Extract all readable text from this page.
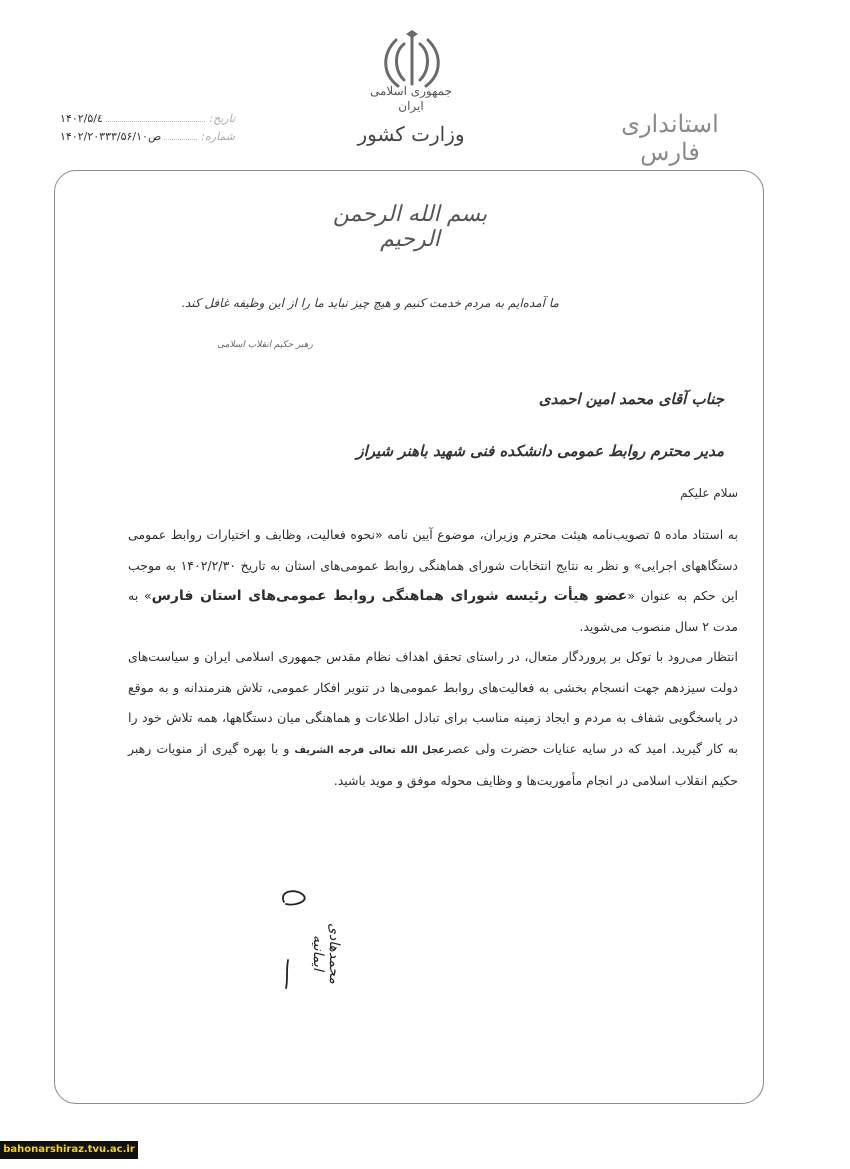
جمهوری اسلامی ایران
وزارت کشور	استانداری فارس
تاریخ:
۱۴۰۲/۵/٤
شماره:
ص۱۴۰۲/۲۰۳۳۳/۵۶/۱۰
بسم الله الرحمن الرحیم
ما آمده‌ایم به مردم خدمت کنیم و هیچ چیز نباید ما را از این وظیفه غافل کند.
رهبر حکیم انقلاب اسلامی
جناب آقای محمد امین احمدی
مدیر محترم روابط عمومی دانشکده فنی شهید باهنر شیراز
سلام علیکم

به استناد ماده ۵ تصویب‌نامه هیئت محترم وزیران، موضوع آیین نامه «نحوه فعالیت، وظایف و اختیارات روابط عمومی دستگاههای اجرایی» و نظر به نتایج انتخابات شورای هماهنگی روابط عمومی‌های استان به تاریخ ۱۴۰۲/۲/۳۰ به موجب این حکم به عنوان «عضو هیأت رئیسه شورای هماهنگی روابط عمومی‌های استان فارس» به مدت ۲ سال منصوب می‌شوید.

انتظار می‌رود با توکل بر پروردگار متعال، در راستای تحقق اهداف نظام مقدس جمهوری اسلامی ایران و سیاست‌های دولت سیزدهم جهت انسجام بخشی به فعالیت‌های روابط عمومی‌ها در تنویر افکار عمومی، تلاش هنرمندانه و به موقع در پاسخگویی شفاف به مردم و ایجاد زمینه مناسب برای تبادل اطلاعات و هماهنگی میان دستگاهها، همه تلاش خود را به کار گیرید. امید که در سایه عنایات حضرت ولی عصرعجل الله تعالی فرجه الشریف و با بهره گیری از منویات رهبر حکیم انقلاب اسلامی در انجام مأموریت‌ها و وظایف محوله موفق و موید باشید.

محمدهادی ایمانیه
bahonarshiraz.tvu.ac.ir
